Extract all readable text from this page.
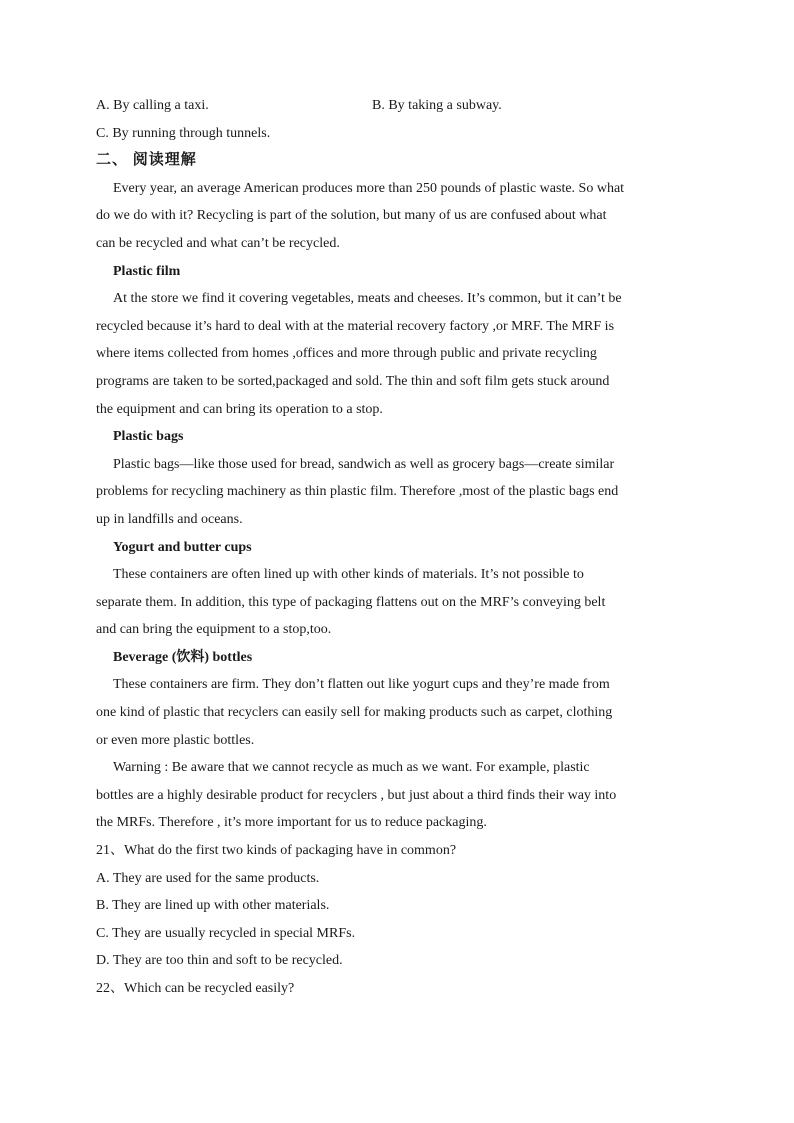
A. By calling a taxi.	B. By taking a subway.
C. By running through tunnels.
二、 阅读理解
Every year, an average American produces more than 250 pounds of plastic waste. So what
do we do with it? Recycling is part of the solution, but many of us are confused about what
can be recycled and what can’t be recycled.
Plastic film
At the store we find it covering vegetables, meats and cheeses. It’s common, but it can’t be
recycled because it’s hard to deal with at the material recovery factory ,or MRF. The MRF is
where items collected from homes ,offices and more through public and private recycling
programs are taken to be sorted,packaged and sold. The thin and soft film gets stuck around
the equipment and can bring its operation to a stop.
Plastic bags
Plastic bags—like those used for bread, sandwich as well as grocery bags—create similar
problems for recycling machinery as thin plastic film. Therefore ,most of the plastic bags end
up in landfills and oceans.
Yogurt and butter cups
These containers are often lined up with other kinds of materials. It’s not possible to
separate them. In addition, this type of packaging flattens out on the MRF’s conveying belt
and can bring the equipment to a stop,too.
Beverage (饮料) bottles
These containers are firm. They don’t flatten out like yogurt cups and they’re made from
one kind of plastic that recyclers can easily sell for making products such as carpet, clothing
or even more plastic bottles.
Warning : Be aware that we cannot recycle as much as we want. For example, plastic
bottles are a highly desirable product for recyclers , but just about a third finds their way into
the MRFs. Therefore , it’s more important for us to reduce packaging.
21、What do the first two kinds of packaging have in common?
A. They are used for the same products.
B. They are lined up with other materials.
C. They are usually recycled in special MRFs.
D. They are too thin and soft to be recycled.
22、Which can be recycled easily?
